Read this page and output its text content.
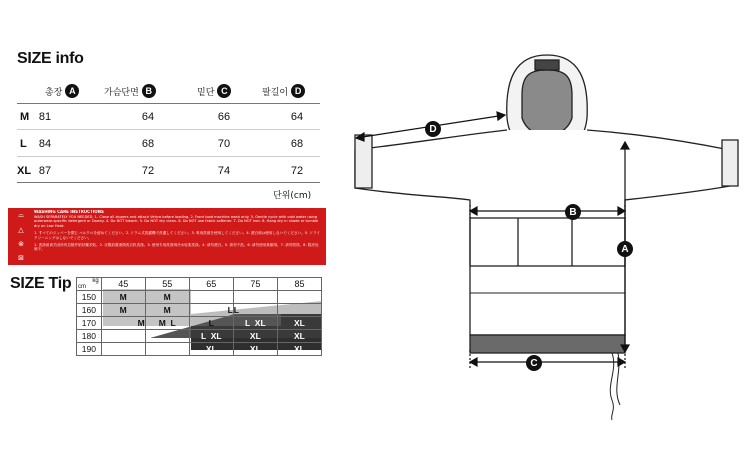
SIZE info
총장 A	가슴단면 B	밑단 C	팔길이 D
M 81	64	66	64
L	84	68	70	68
XL 87	72	74	72
단위(cm)
⌓
△
⊗
⊠
WASHING CARE INSTRUCTIONS
WASH SEPARATELY YOU NEEDED. 1. Close all zippers and attach Velcro before loading. 2. Front load machine wash only. 3. Gentle cycle with cold water using outerwear-specific detergent or Downy. 4. Do NOT bleach. 5. Do NOT dry clean. 6. Do NOT use fabric softener. 7. Do NOT iron. 8. Hang dry in shade or tumble dry on Low Heat.
1. すべてのジッパーを閉じ ベルクロを留めてください。2. ドラム式洗濯機で洗濯してください。3. 専用洗剤を使用してください。4. 漂白剤は使用しないでください。5. ドライクリーニングはしないでください。
1. 洗涤前请关闭所有拉链并粘好魔术贴。2. 仅限前置滚筒洗衣机洗涤。3. 使用专用洗涤剂冷水轻柔洗涤。4. 请勿漂白。5. 请勿干洗。6. 请勿使用柔顺剂。7. 请勿熨烫。8. 阴凉处晾干。
SIZE Tip	kg
cm	45	55	65	75	85
150	M	M			
160	M	M	L	L	
170	M	M  L	L	L  XL	XL
180			L  XL	XL	XL
190			XL	XL	XL
D
B
A
C
